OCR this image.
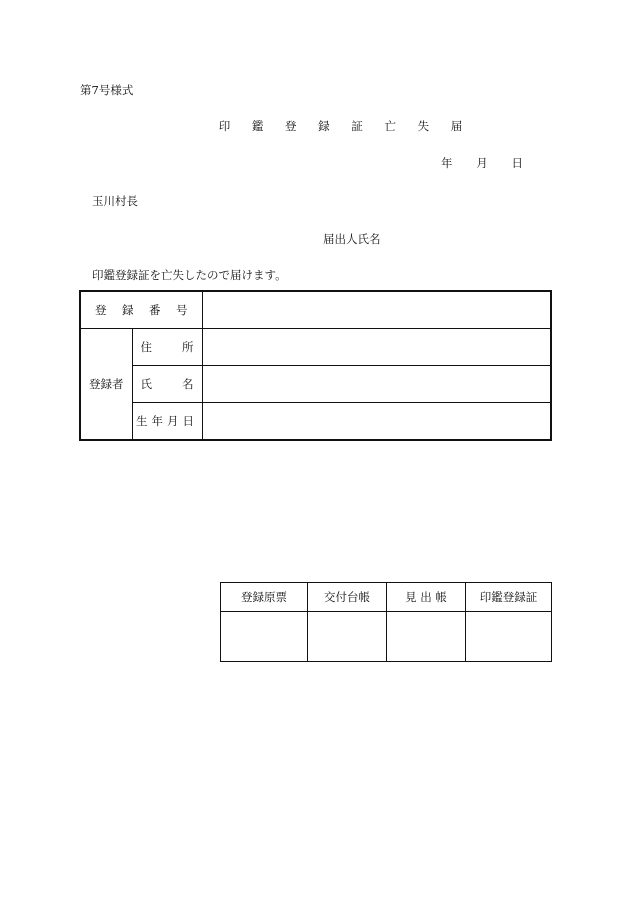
第7号様式
印 鑑 登 録 証 亡 失 届
年 月 日
玉川村長
届出人氏名
印鑑登録証を亡失したので届けます。
登 録 番 号		

登録者	住 所	

	氏 名	

	生年月日	
登録原票	交付台帳	見 出 帳	印鑑登録証
